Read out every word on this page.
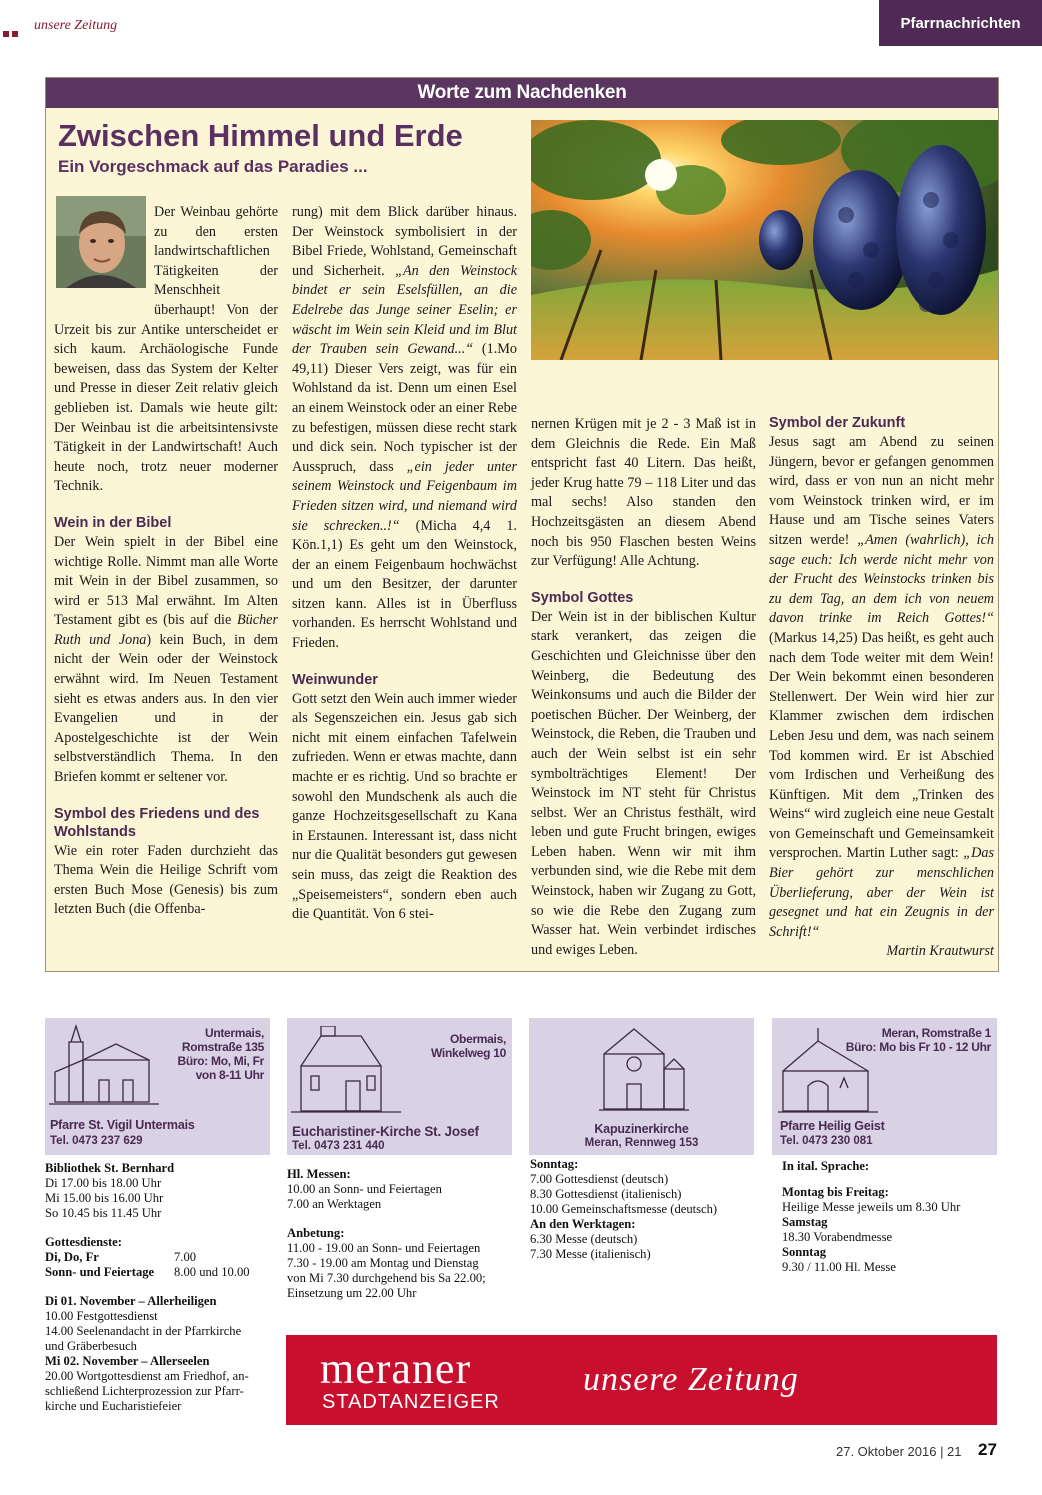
unsere Zeitung	Pfarrnachrichten
Worte zum Nachdenken
Zwischen Himmel und Erde
Ein Vorgeschmack auf das Paradies ...

Der Weinbau gehörte zu den ersten landwirtschaftlichen Tätigkeiten der Menschheit überhaupt! Von der Urzeit bis zur Antike unterscheidet er sich kaum. Archäologische Funde beweisen, dass das System der Kelter und Presse in dieser Zeit relativ gleich geblieben ist. Damals wie heute gilt: Der Weinbau ist die arbeitsintensivste Tätigkeit in der Landwirtschaft! Auch heute noch, trotz neuer moderner Technik.

Wein in der Bibel

Der Wein spielt in der Bibel eine wichtige Rolle. Nimmt man alle Worte mit Wein in der Bibel zusammen, so wird er 513 Mal erwähnt. Im Alten Testament gibt es (bis auf die Bücher Ruth und Jona) kein Buch, in dem nicht der Wein oder der Weinstock erwähnt wird. Im Neuen Testament sieht es etwas anders aus. In den vier Evangelien und in der Apostelgeschichte ist der Wein selbstverständlich Thema. In den Briefen kommt er seltener vor.

Symbol des Friedens und des Wohlstands

Wie ein roter Faden durchzieht das Thema Wein die Heilige Schrift vom ersten Buch Mose (Genesis) bis zum letzten Buch (die Offenba-

rung) mit dem Blick darüber hinaus. Der Weinstock symbolisiert in der Bibel Friede, Wohlstand, Gemeinschaft und Sicherheit. „An den Weinstock bindet er sein Eselsfüllen, an die Edelrebe das Junge seiner Eselin; er wäscht im Wein sein Kleid und im Blut der Trauben sein Gewand...“ (1.Mo 49,11) Dieser Vers zeigt, was für ein Wohlstand da ist. Denn um einen Esel an einem Weinstock oder an einer Rebe zu befestigen, müssen diese recht stark und dick sein. Noch typischer ist der Ausspruch, dass „ein jeder unter seinem Weinstock und Feigenbaum im Frieden sitzen wird, und niemand wird sie schrecken..!“ (Micha 4,4 1. Kön.1,1) Es geht um den Weinstock, der an einem Feigenbaum hochwächst und um den Besitzer, der darunter sitzen kann. Alles ist in Überfluss vorhanden. Es herrscht Wohlstand und Frieden.

Weinwunder

Gott setzt den Wein auch immer wieder als Segenszeichen ein. Jesus gab sich nicht mit einem einfachen Tafelwein zufrieden. Wenn er etwas machte, dann machte er es richtig. Und so brachte er sowohl den Mundschenk als auch die ganze Hochzeitsgesellschaft zu Kana in Erstaunen. Interessant ist, dass nicht nur die Qualität besonders gut gewesen sein muss, das zeigt die Reaktion des „Speisemeisters“, sondern eben auch die Quantität. Von 6 stei-

nernen Krügen mit je 2 - 3 Maß ist in dem Gleichnis die Rede. Ein Maß entspricht fast 40 Litern. Das heißt, jeder Krug hatte 79 – 118 Liter und das mal sechs! Also standen den Hochzeitsgästen an diesem Abend noch bis 950 Flaschen besten Weins zur Verfügung! Alle Achtung.

Symbol Gottes

Der Wein ist in der biblischen Kultur stark verankert, das zeigen die Geschichten und Gleichnisse über den Weinberg, die Bedeutung des Weinkonsums und auch die Bilder der poetischen Bücher. Der Weinberg, der Weinstock, die Reben, die Trauben und auch der Wein selbst ist ein sehr symbolträchtiges Element! Der Weinstock im NT steht für Christus selbst. Wer an Christus festhält, wird leben und gute Frucht bringen, ewiges Leben haben. Wenn wir mit ihm verbunden sind, wie die Rebe mit dem Weinstock, haben wir Zugang zu Gott, so wie die Rebe den Zugang zum Wasser hat. Wein verbindet irdisches und ewiges Leben.

Symbol der Zukunft

Jesus sagt am Abend zu seinen Jüngern, bevor er gefangen genommen wird, dass er von nun an nicht mehr vom Weinstock trinken wird, er im Hause und am Tische seines Vaters sitzen werde! „Amen (wahrlich), ich sage euch: Ich werde nicht mehr von der Frucht des Weinstocks trinken bis zu dem Tag, an dem ich von neuem davon trinke im Reich Gottes!“ (Markus 14,25) Das heißt, es geht auch nach dem Tode weiter mit dem Wein! Der Wein bekommt einen besonderen Stellenwert. Der Wein wird hier zur Klammer zwischen dem irdischen Leben Jesu und dem, was nach seinem Tod kommen wird. Er ist Abschied vom Irdischen und Verheißung des Künftigen. Mit dem „Trinken des Weins“ wird zugleich eine neue Gestalt von Gemeinschaft und Gemeinsamkeit versprochen. Martin Luther sagt: „Das Bier gehört zur menschlichen Überlieferung, aber der Wein ist gesegnet und hat ein Zeugnis in der Schrift!“

Martin Krautwurst

Untermais,
Romstraße 135
Büro: Mo, Mi, Fr
von 8-11 Uhr
Pfarre St. Vigil Untermais
Tel. 0473 237 629
Obermais,
Winkelweg 10
Eucharistiner-Kirche St. Josef
Tel. 0473 231 440
Kapuzinerkirche
Meran, Rennweg 153
Meran, Romstraße 1
Büro: Mo bis Fr 10 - 12 Uhr
Pfarre Heilig Geist
Tel. 0473 230 081

Bibliothek St. Bernhard

Di 17.00 bis 18.00 Uhr

Mi 15.00 bis 16.00 Uhr

So 10.45 bis 11.45 Uhr

Gottesdienste:

Di, Do, Fr	7.00
Sonn- und Feiertage	8.00 und 10.00

Di 01. November – Allerheiligen

10.00 Festgottesdienst

14.00 Seelenandacht in der Pfarrkirche

und Gräberbesuch

Mi 02. November – Allerseelen

20.00 Wortgottesdienst am Friedhof, an-

schließend Lichterprozession zur Pfarr-

kirche und Eucharistiefeier

Hl. Messen:

10.00 an Sonn- und Feiertagen

7.00 an Werktagen

Anbetung:

11.00 - 19.00 an Sonn- und Feiertagen

7.30 - 19.00 am Montag und Dienstag

von Mi 7.30 durchgehend bis Sa 22.00;

Einsetzung um 22.00 Uhr

Sonntag:

7.00 Gottesdienst (deutsch)

8.30 Gottesdienst (italienisch)

10.00 Gemeinschaftsmesse (deutsch)

An den Werktagen:

6.30 Messe (deutsch)

7.30 Messe (italienisch)

In ital. Sprache:

Montag bis Freitag:

Heilige Messe jeweils um 8.30 Uhr

Samstag

18.30 Vorabendmesse

Sonntag

9.30 / 11.00 Hl. Messe

meraner
STADTANZEIGER
unsere Zeitung
27. Oktober 2016 | 21 27
